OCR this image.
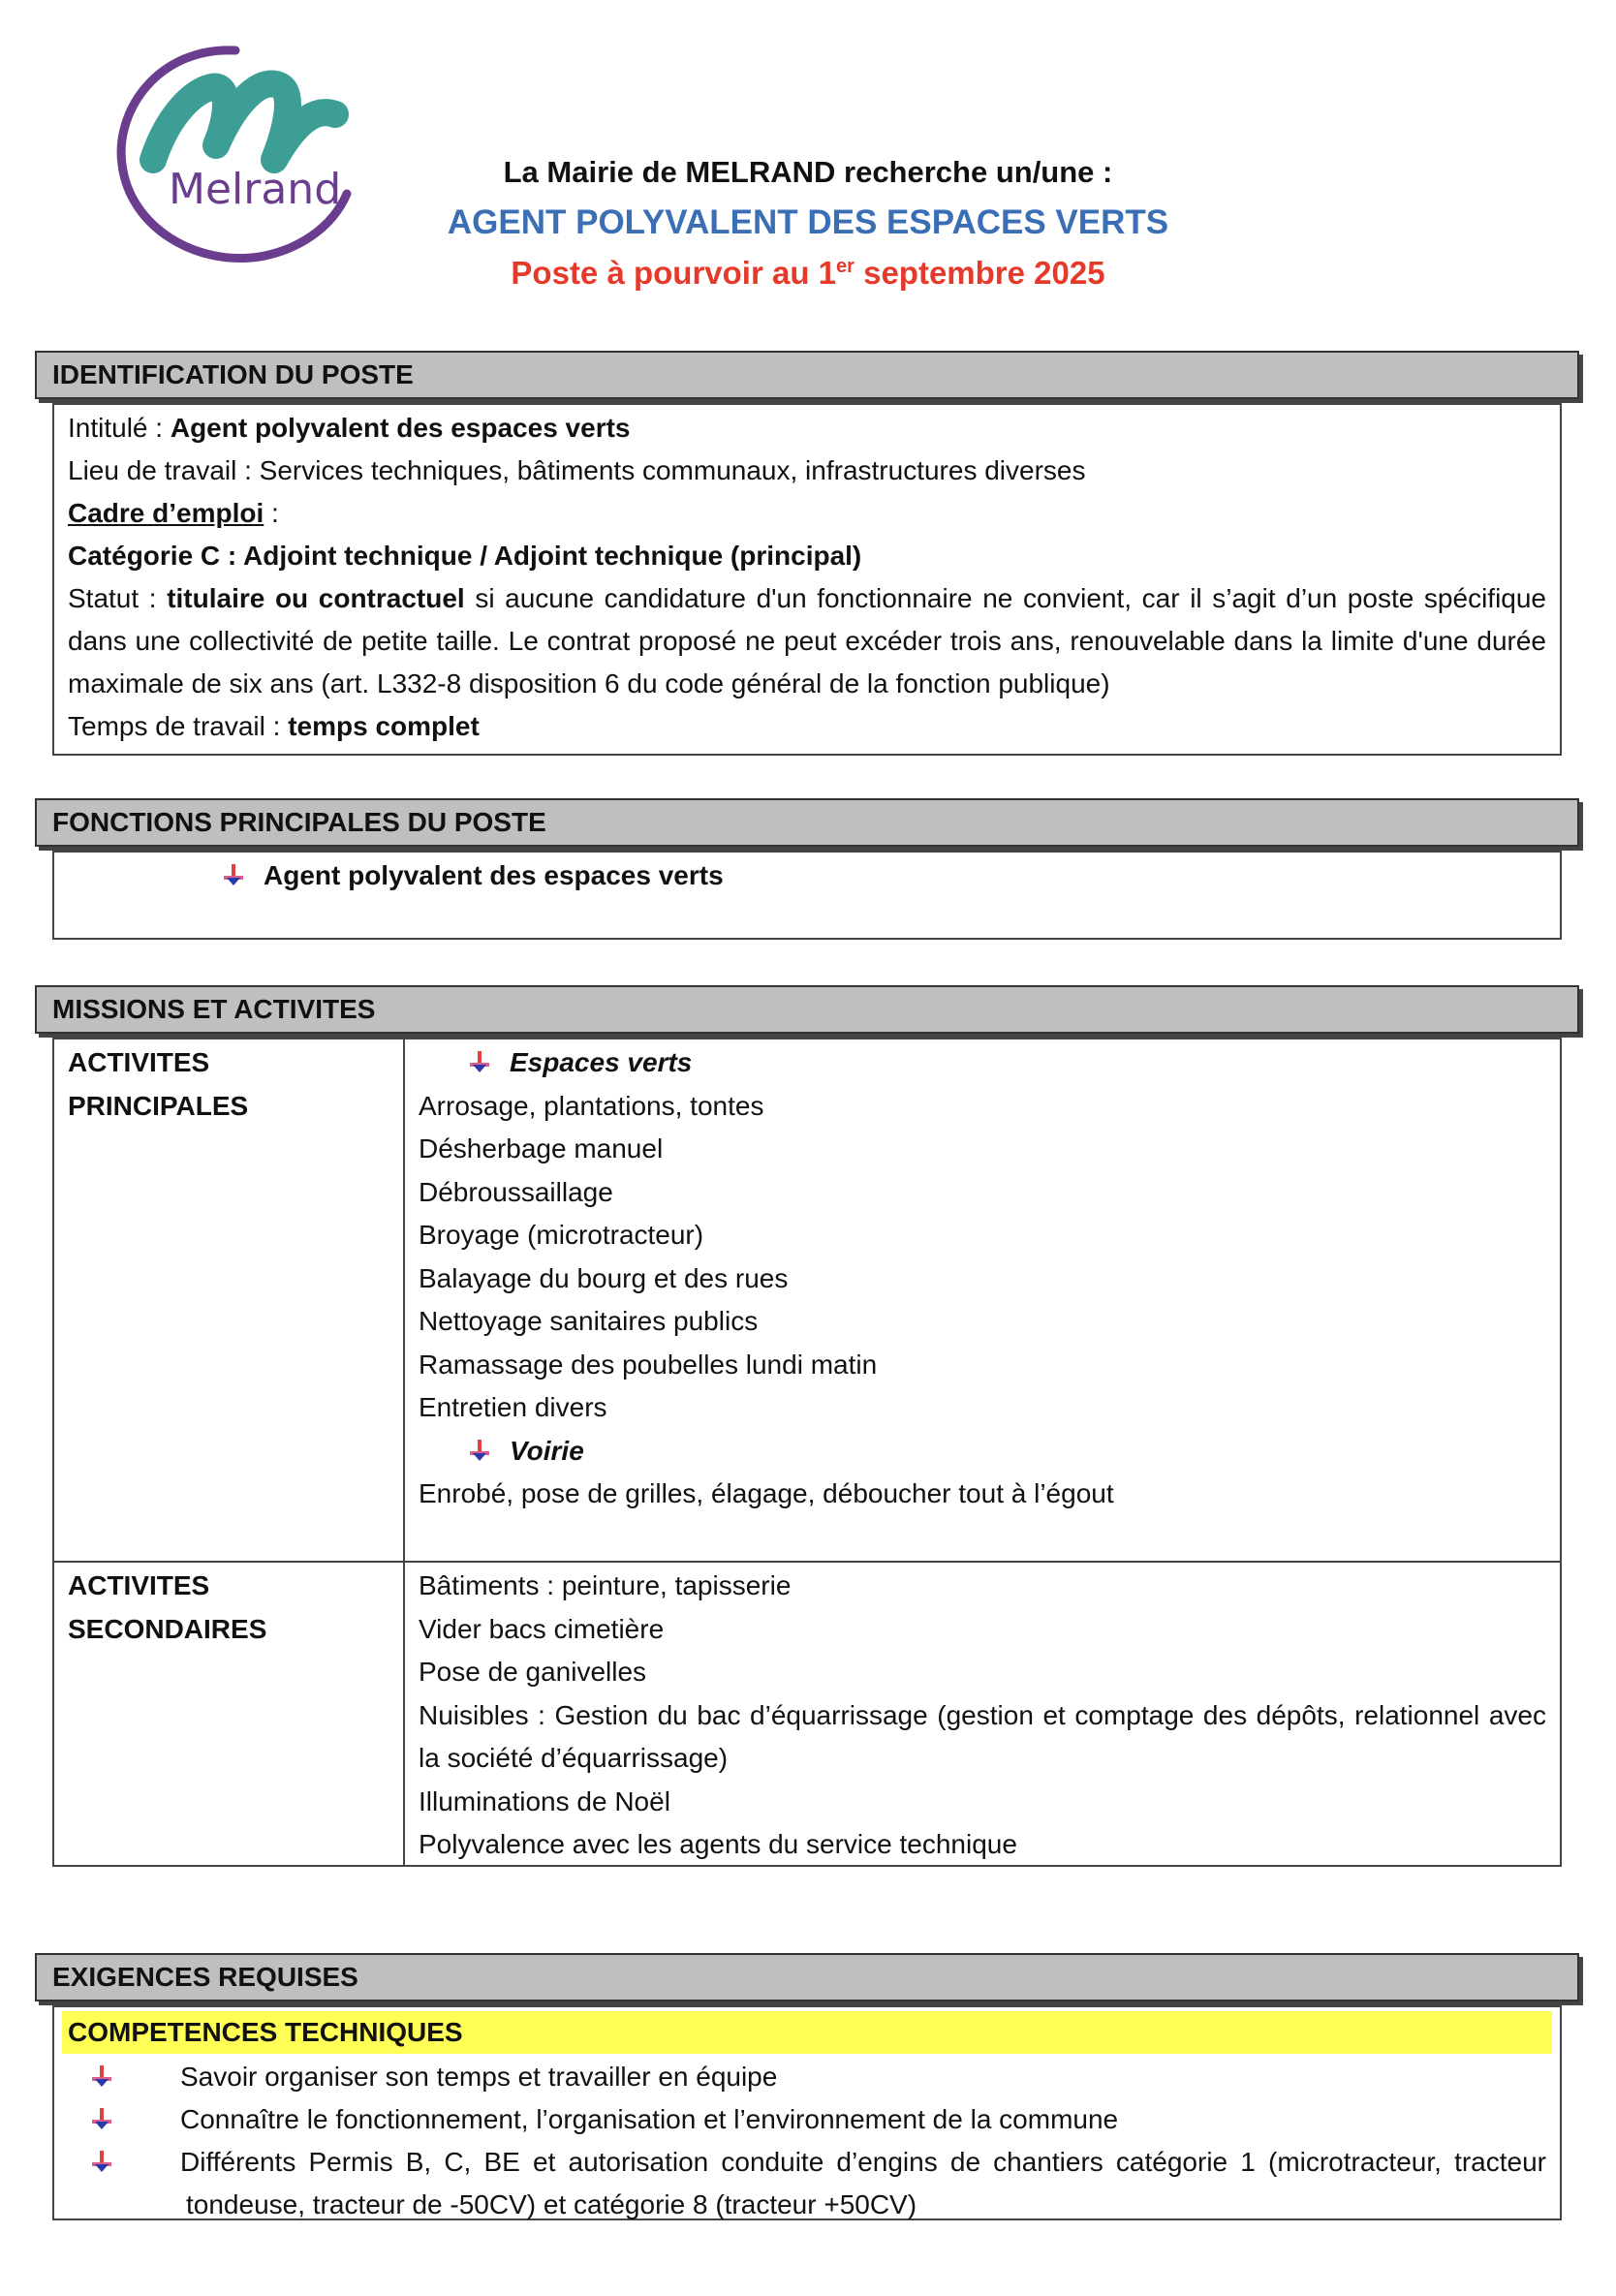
Melrand	La Mairie de MELRAND recherche un/une :
AGENT POLYVALENT DES ESPACES VERTS
Poste à pourvoir au 1er septembre 2025
IDENTIFICATION DU POSTE
Intitulé : Agent polyvalent des espaces verts
Lieu de travail : Services techniques, bâtiments communaux, infrastructures diverses
Cadre d’emploi :
Catégorie C : Adjoint technique / Adjoint technique (principal)
Statut : titulaire ou contractuel si aucune candidature d'un fonctionnaire ne convient, car il s’agit d’un poste spécifique dans une collectivité de petite taille. Le contrat proposé ne peut excéder trois ans, renouvelable dans la limite d'une durée maximale de six ans (art. L332-8 disposition 6 du code général de la fonction publique)
Temps de travail : temps complet
FONCTIONS PRINCIPALES DU POSTE
Agent polyvalent des espaces verts
MISSIONS ET ACTIVITES
ACTIVITES PRINCIPALES
Espaces verts
Arrosage, plantations, tontes
Désherbage manuel
Débroussaillage
Broyage (microtracteur)
Balayage du bourg et des rues
Nettoyage sanitaires publics
Ramassage des poubelles lundi matin
Entretien divers
Voirie
Enrobé, pose de grilles, élagage, déboucher tout à l’égout
ACTIVITES SECONDAIRES
Bâtiments : peinture, tapisserie
Vider bacs cimetière
Pose de ganivelles
Nuisibles : Gestion du bac d’équarrissage (gestion et comptage des dépôts, relationnel avec la société d’équarrissage)
Illuminations de Noël
Polyvalence avec les agents du service technique
EXIGENCES REQUISES
COMPETENCES TECHNIQUES
Savoir organiser son temps et travailler en équipe
Connaître le fonctionnement, l’organisation et l’environnement de la commune
Différents Permis B, C, BE et autorisation conduite d’engins de chantiers catégorie 1 (microtracteur, tracteur tondeuse, tracteur de -50CV) et catégorie 8 (tracteur +50CV)
